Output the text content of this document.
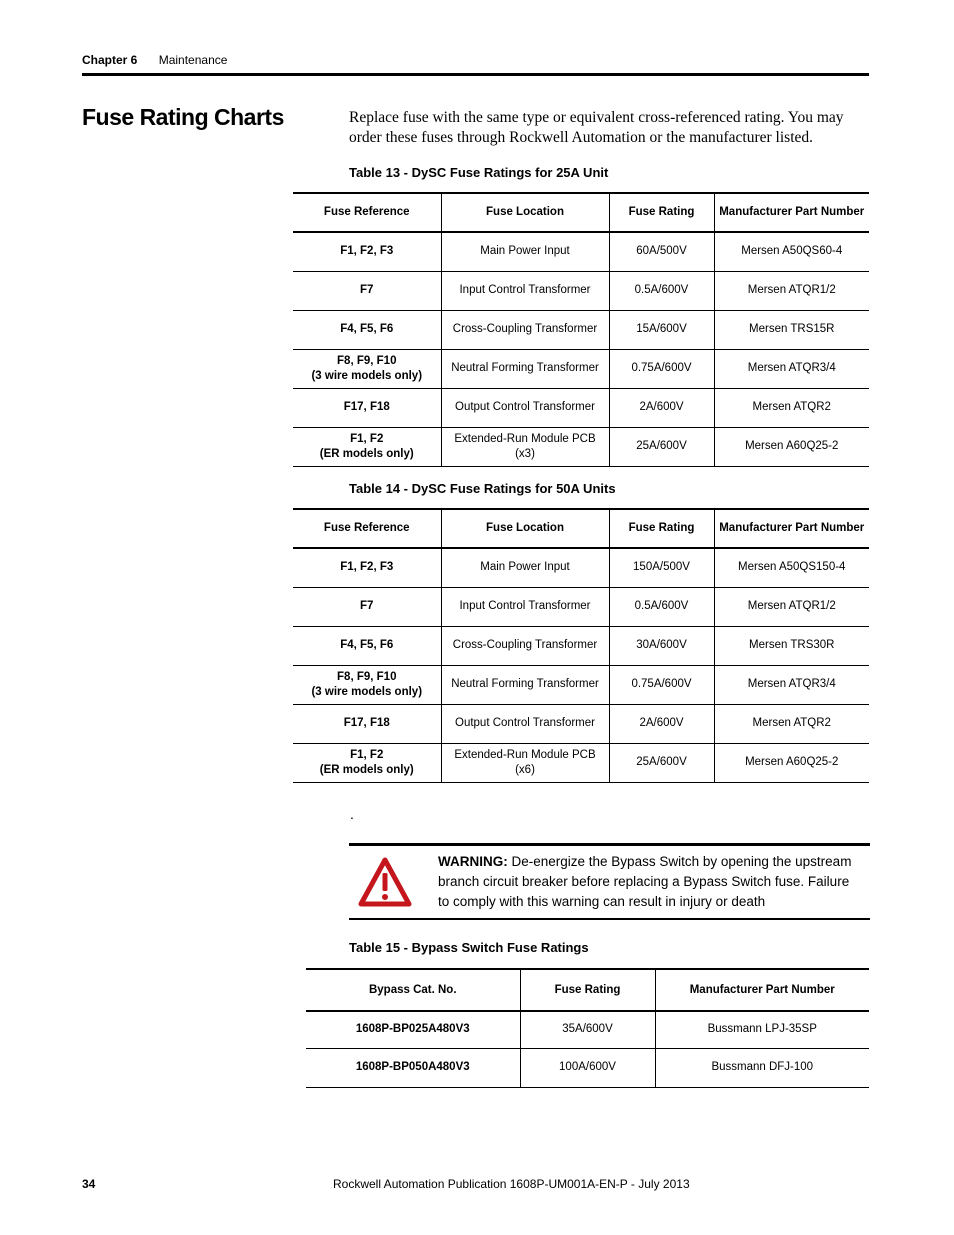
Chapter 6 Maintenance
Fuse Rating Charts	Replace fuse with the same type or equivalent cross-referenced rating. You may order these fuses through Rockwell Automation or the manufacturer listed.
Table 13 - DySC Fuse Ratings for 25A Unit
Fuse Reference	Fuse Location	Fuse Rating	Manufacturer Part Number

F1, F2, F3	Main Power Input	60A/500V	Mersen A50QS60-4

F7	Input Control Transformer	0.5A/600V	Mersen ATQR1/2

F4, F5, F6	Cross-Coupling Transformer	15A/600V	Mersen TRS15R

F8, F9, F10
(3 wire models only)	Neutral Forming Transformer	0.75A/600V	Mersen ATQR3/4

F17, F18	Output Control Transformer	2A/600V	Mersen ATQR2

F1, F2
(ER models only)	Extended-Run Module PCB (x3)	25A/600V	Mersen A60Q25-2
Table 14 - DySC Fuse Ratings for 50A Units
Fuse Reference	Fuse Location	Fuse Rating	Manufacturer Part Number

F1, F2, F3	Main Power Input	150A/500V	Mersen A50QS150-4

F7	Input Control Transformer	0.5A/600V	Mersen ATQR1/2

F4, F5, F6	Cross-Coupling Transformer	30A/600V	Mersen TRS30R

F8, F9, F10
(3 wire models only)	Neutral Forming Transformer	0.75A/600V	Mersen ATQR3/4

F17, F18	Output Control Transformer	2A/600V	Mersen ATQR2

F1, F2
(ER models only)	Extended-Run Module PCB (x6)	25A/600V	Mersen A60Q25-2
.
WARNING: De-energize the Bypass Switch by opening the upstream branch circuit breaker before replacing a Bypass Switch fuse. Failure to comply with this warning can result in injury or death
Table 15 - Bypass Switch Fuse Ratings
Bypass Cat. No.	Fuse Rating	Manufacturer Part Number
1608P-BP025A480V3	35A/600V	Bussmann LPJ-35SP
1608P-BP050A480V3	100A/600V	Bussmann DFJ-100
34	Rockwell Automation Publication 1608P-UM001A-EN-P - July 2013
